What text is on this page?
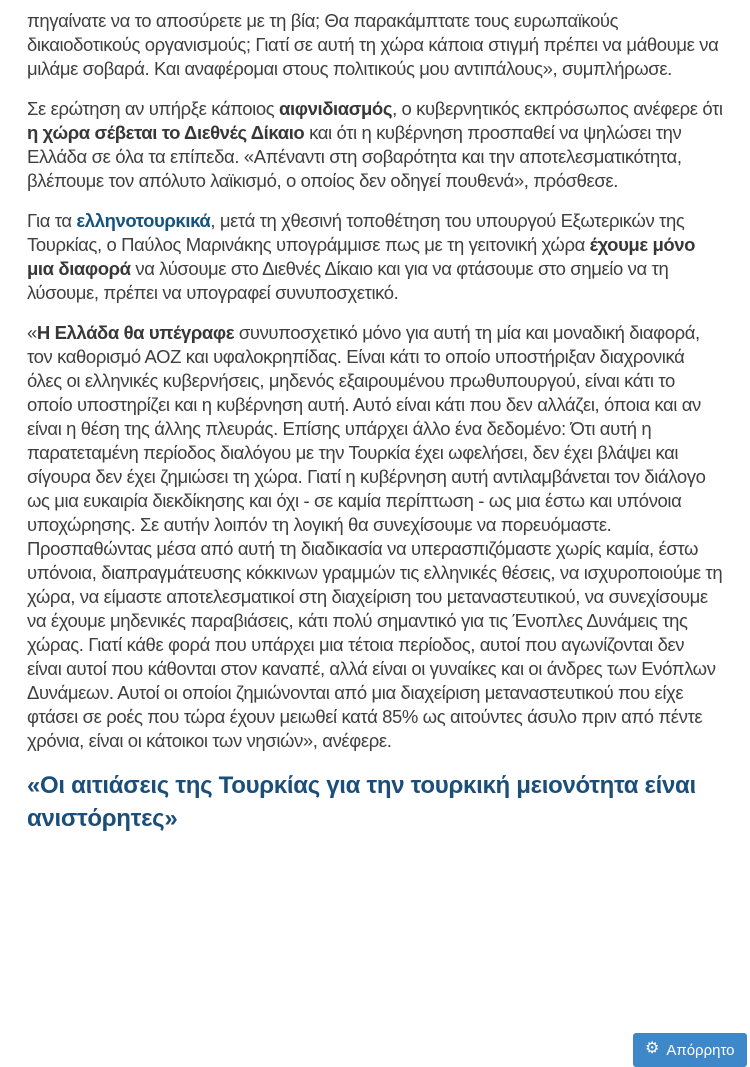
πηγαίνατε να το αποσύρετε με τη βία; Θα παρακάμπτατε τους ευρωπαϊκούς δικαιοδοτικούς οργανισμούς; Γιατί σε αυτή τη χώρα κάποια στιγμή πρέπει να μάθουμε να μιλάμε σοβαρά. Και αναφέρομαι στους πολιτικούς μου αντιπάλους», συμπλήρωσε.

Σε ερώτηση αν υπήρξε κάποιος αιφνιδιασμός, ο κυβερνητικός εκπρόσωπος ανέφερε ότι η χώρα σέβεται το Διεθνές Δίκαιο και ότι η κυβέρνηση προσπαθεί να ψηλώσει την Ελλάδα σε όλα τα επίπεδα. «Απέναντι στη σοβαρότητα και την αποτελεσματικότητα, βλέπουμε τον απόλυτο λαϊκισμό, ο οποίος δεν οδηγεί πουθενά», πρόσθεσε.

Για τα ελληνοτουρκικά, μετά τη χθεσινή τοποθέτηση του υπουργού Εξωτερικών της Τουρκίας, ο Παύλος Μαρινάκης υπογράμμισε πως με τη γειτονική χώρα έχουμε μόνο μια διαφορά να λύσουμε στο Διεθνές Δίκαιο και για να φτάσουμε στο σημείο να τη λύσουμε, πρέπει να υπογραφεί συνυποσχετικό.

«Η Ελλάδα θα υπέγραφε συνυποσχετικό μόνο για αυτή τη μία και μοναδική διαφορά, τον καθορισμό ΑΟΖ και υφαλοκρηπίδας. Είναι κάτι το οποίο υποστήριξαν διαχρονικά όλες οι ελληνικές κυβερνήσεις, μηδενός εξαιρουμένου πρωθυπουργού, είναι κάτι το οποίο υποστηρίζει και η κυβέρνηση αυτή. Αυτό είναι κάτι που δεν αλλάζει, όποια και αν είναι η θέση της άλλης πλευράς. Επίσης υπάρχει άλλο ένα δεδομένο: Ότι αυτή η παρατεταμένη περίοδος διαλόγου με την Τουρκία έχει ωφελήσει, δεν έχει βλάψει και σίγουρα δεν έχει ζημιώσει τη χώρα. Γιατί η κυβέρνηση αυτή αντιλαμβάνεται τον διάλογο ως μια ευκαιρία διεκδίκησης και όχι - σε καμία περίπτωση - ως μια έστω και υπόνοια υποχώρησης. Σε αυτήν λοιπόν τη λογική θα συνεχίσουμε να πορευόμαστε. Προσπαθώντας μέσα από αυτή τη διαδικασία να υπερασπιζόμαστε χωρίς καμία, έστω υπόνοια, διαπραγμάτευσης κόκκινων γραμμών τις ελληνικές θέσεις, να ισχυροποιούμε τη χώρα, να είμαστε αποτελεσματικοί στη διαχείριση του μεταναστευτικού, να συνεχίσουμε να έχουμε μηδενικές παραβιάσεις, κάτι πολύ σημαντικό για τις Ένοπλες Δυνάμεις της χώρας. Γιατί κάθε φορά που υπάρχει μια τέτοια περίοδος, αυτοί που αγωνίζονται δεν είναι αυτοί που κάθονται στον καναπέ, αλλά είναι οι γυναίκες και οι άνδρες των Ενόπλων Δυνάμεων. Αυτοί οι οποίοι ζημιώνονται από μια διαχείριση μεταναστευτικού που είχε φτάσει σε ροές που τώρα έχουν μειωθεί κατά 85% ως αιτούντες άσυλο πριν από πέντε χρόνια, είναι οι κάτοικοι των νησιών», ανέφερε.

«Οι αιτιάσεις της Τουρκίας για την τουρκική μειονότητα είναι ανιστόρητες»
⚙ Απόρρητο
